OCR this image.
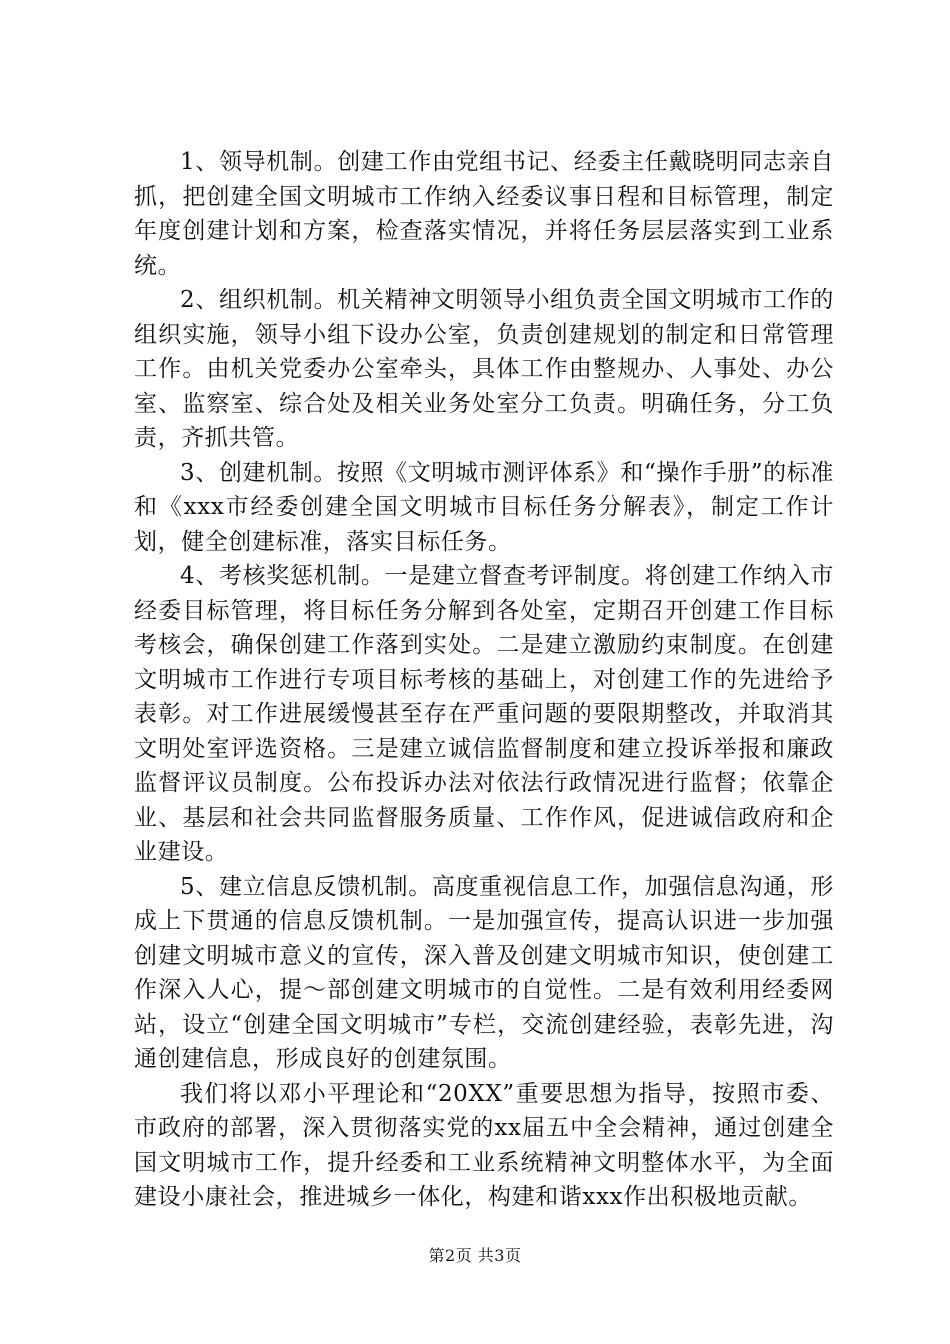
1、领导机制。创建工作由党组书记、经委主任戴晓明同志亲自抓，把创建全国文明城市工作纳入经委议事日程和目标管理，制定年度创建计划和方案，检查落实情况，并将任务层层落实到工业系统。

2、组织机制。机关精神文明领导小组负责全国文明城市工作的组织实施，领导小组下设办公室，负责创建规划的制定和日常管理工作。由机关党委办公室牵头，具体工作由整规办、人事处、办公室、监察室、综合处及相关业务处室分工负责。明确任务，分工负责，齐抓共管。

3、创建机制。按照《文明城市测评体系》和“操作手册”的标准和《xxx市经委创建全国文明城市目标任务分解表》，制定工作计划，健全创建标准，落实目标任务。

4、考核奖惩机制。一是建立督查考评制度。将创建工作纳入市经委目标管理，将目标任务分解到各处室，定期召开创建工作目标考核会，确保创建工作落到实处。二是建立激励约束制度。在创建文明城市工作进行专项目标考核的基础上，对创建工作的先进给予表彰。对工作进展缓慢甚至存在严重问题的要限期整改，并取消其文明处室评选资格。三是建立诚信监督制度和建立投诉举报和廉政监督评议员制度。公布投诉办法对依法行政情况进行监督；依靠企业、基层和社会共同监督服务质量、工作作风，促进诚信政府和企业建设。

5、建立信息反馈机制。高度重视信息工作，加强信息沟通，形成上下贯通的信息反馈机制。一是加强宣传，提高认识进一步加强创建文明城市意义的宣传，深入普及创建文明城市知识，使创建工作深入人心，提～部创建文明城市的自觉性。二是有效利用经委网站，设立“创建全国文明城市”专栏，交流创建经验，表彰先进，沟通创建信息，形成良好的创建氛围。

我们将以邓小平理论和“20XX”重要思想为指导，按照市委、市政府的部署，深入贯彻落实党的xx届五中全会精神，通过创建全国文明城市工作，提升经委和工业系统精神文明整体水平，为全面建设小康社会，推进城乡一体化，构建和谐xxx作出积极地贡献。

第2页 共3页
